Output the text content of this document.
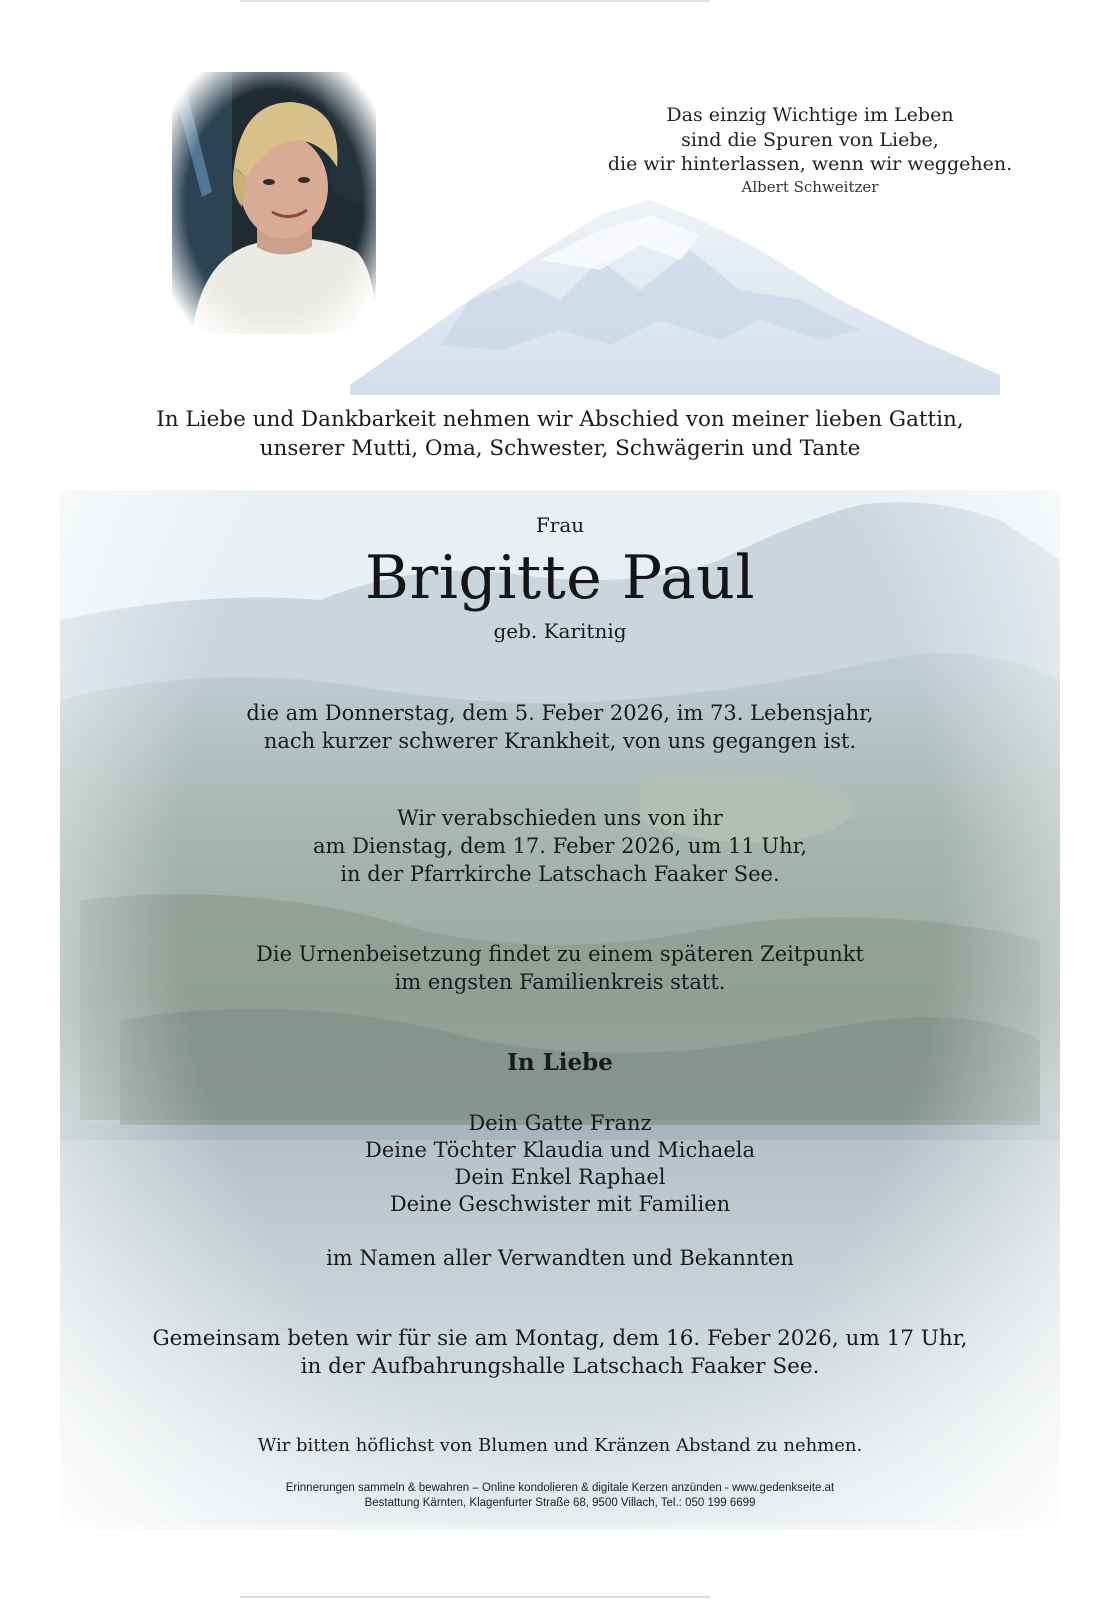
Das einzig Wichtige im Leben
sind die Spuren von Liebe,
die wir hinterlassen, wenn wir weggehen.
Albert Schweitzer
In Liebe und Dankbarkeit nehmen wir Abschied von meiner lieben Gattin,
unserer Mutti, Oma, Schwester, Schwägerin und Tante
Frau
Brigitte Paul
geb. Karitnig
die am Donnerstag, dem 5. Feber 2026, im 73. Lebensjahr,
nach kurzer schwerer Krankheit, von uns gegangen ist.
Wir verabschieden uns von ihr
am Dienstag, dem 17. Feber 2026, um 11 Uhr,
in der Pfarrkirche Latschach Faaker See.
Die Urnenbeisetzung findet zu einem späteren Zeitpunkt
im engsten Familienkreis statt.
In Liebe
Dein Gatte Franz
Deine Töchter Klaudia und Michaela
Dein Enkel Raphael
Deine Geschwister mit Familien
im Namen aller Verwandten und Bekannten
Gemeinsam beten wir für sie am Montag, dem 16. Feber 2026, um 17 Uhr,
in der Aufbahrungshalle Latschach Faaker See.
Wir bitten höflichst von Blumen und Kränzen Abstand zu nehmen.
Erinnerungen sammeln & bewahren – Online kondolieren & digitale Kerzen anzünden - www.gedenkseite.at
Bestattung Kärnten, Klagenfurter Straße 68, 9500 Villach, Tel.: 050 199 6699
